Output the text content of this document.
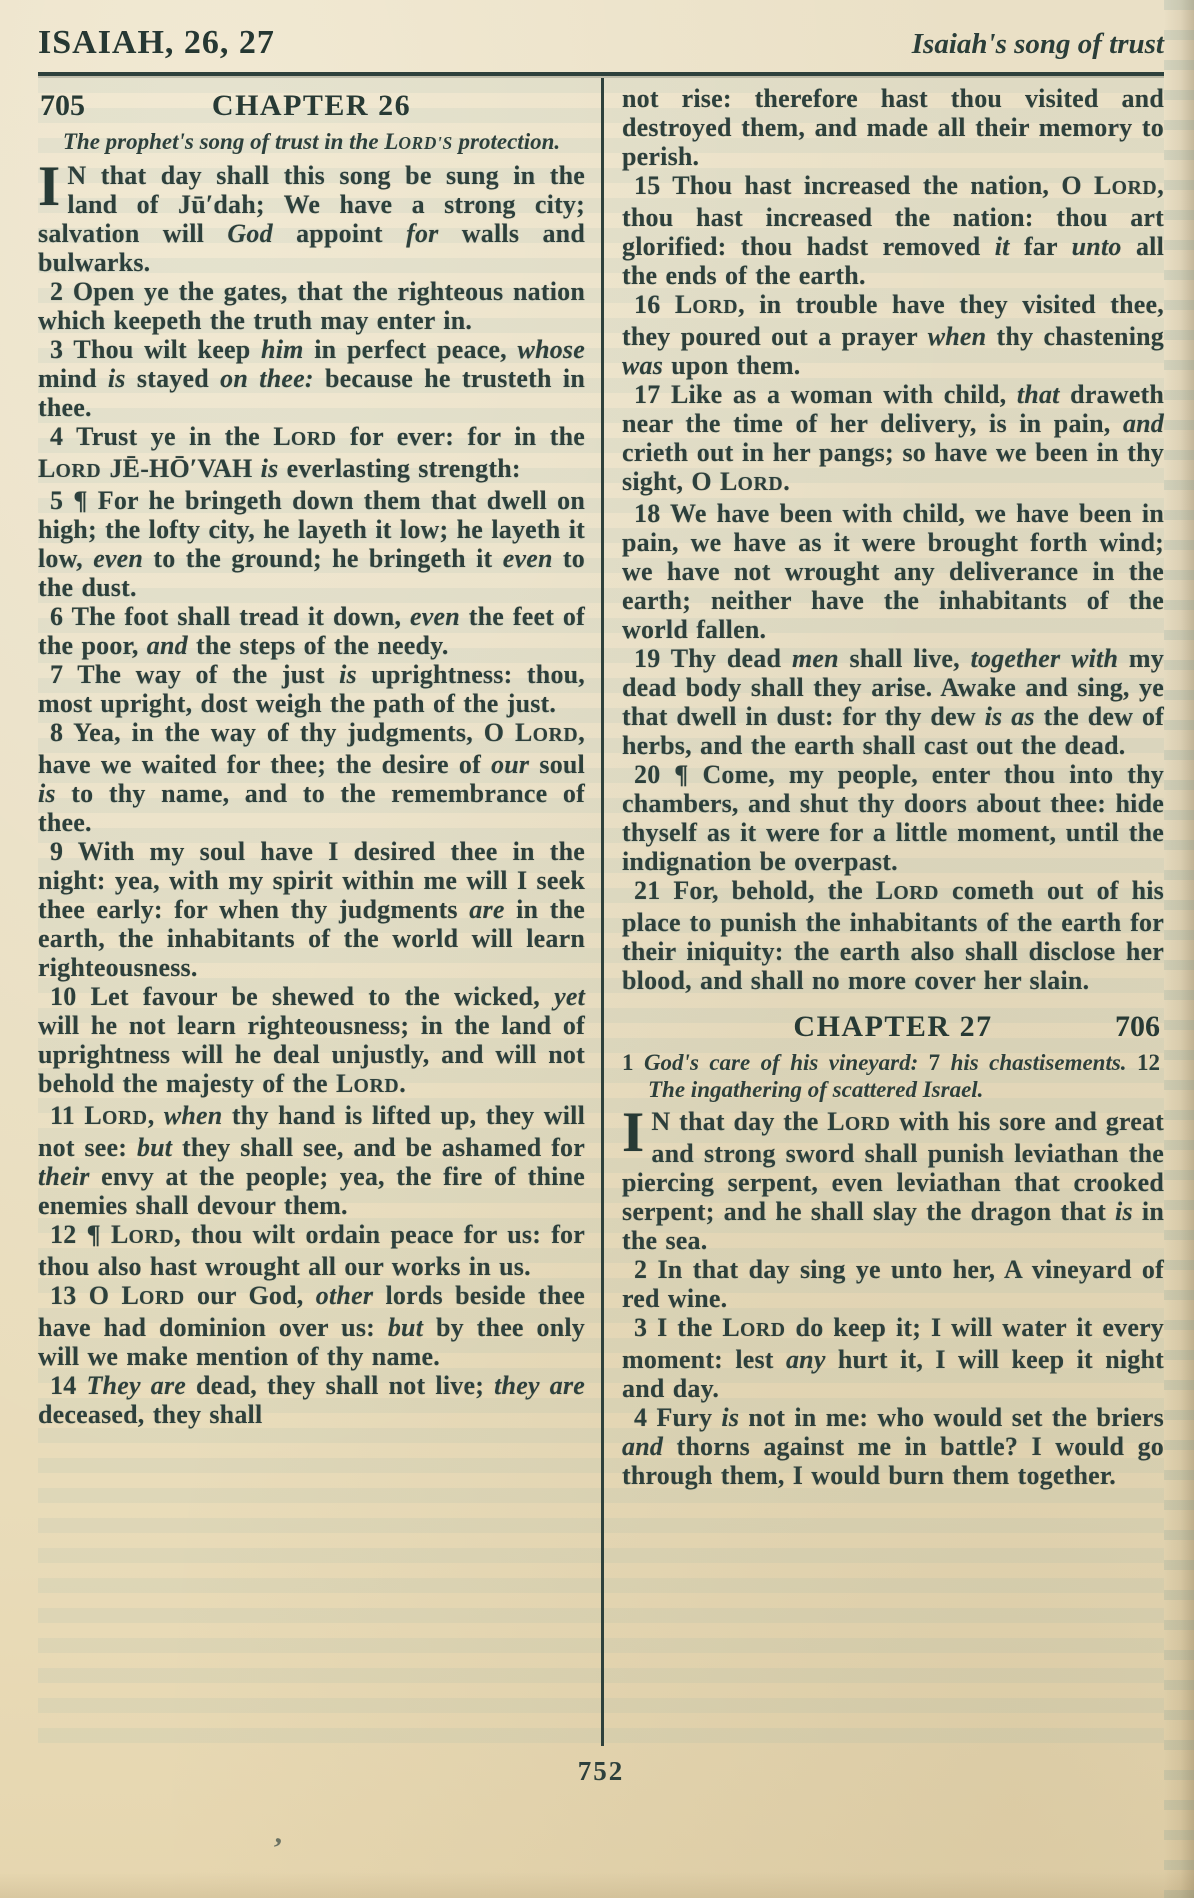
ISAIAH, 26, 27	Isaiah's song of trust
705	CHAPTER 26

The prophet's song of trust in the LORD'S protection.

I N that day shall this song be sung in the land of Jū′dah; We have a strong city; salvation will God appoint for walls and bulwarks.

2 Open ye the gates, that the righteous nation which keepeth the truth may enter in.

3 Thou wilt keep him in perfect peace, whose mind is stayed on thee: because he trusteth in thee.

4 Trust ye in the LORD for ever: for in the LORD JĒ-HŌ′VAH is everlasting strength:

5 ¶ For he bringeth down them that dwell on high; the lofty city, he layeth it low; he layeth it low, even to the ground; he bringeth it even to the dust.

6 The foot shall tread it down, even the feet of the poor, and the steps of the needy.

7 The way of the just is uprightness: thou, most upright, dost weigh the path of the just.

8 Yea, in the way of thy judgments, O LORD, have we waited for thee; the desire of our soul is to thy name, and to the remembrance of thee.

9 With my soul have I desired thee in the night: yea, with my spirit within me will I seek thee early: for when thy judgments are in the earth, the inhabitants of the world will learn righteousness.

10 Let favour be shewed to the wicked, yet will he not learn righteousness; in the land of uprightness will he deal unjustly, and will not behold the majesty of the LORD.

11 LORD, when thy hand is lifted up, they will not see: but they shall see, and be ashamed for their envy at the people; yea, the fire of thine enemies shall devour them.

12 ¶ LORD, thou wilt ordain peace for us: for thou also hast wrought all our works in us.

13 O LORD our God, other lords beside thee have had dominion over us: but by thee only will we make mention of thy name.

14 They are dead, they shall not live; they are deceased, they shall

not rise: therefore hast thou visited and destroyed them, and made all their memory to perish.

15 Thou hast increased the nation, O LORD, thou hast increased the nation: thou art glorified: thou hadst removed it far unto all the ends of the earth.

16 LORD, in trouble have they visited thee, they poured out a prayer when thy chastening was upon them.

17 Like as a woman with child, that draweth near the time of her delivery, is in pain, and crieth out in her pangs; so have we been in thy sight, O LORD.

18 We have been with child, we have been in pain, we have as it were brought forth wind; we have not wrought any deliverance in the earth; neither have the inhabitants of the world fallen.

19 Thy dead men shall live, together with my dead body shall they arise. Awake and sing, ye that dwell in dust: for thy dew is as the dew of herbs, and the earth shall cast out the dead.

20 ¶ Come, my people, enter thou into thy chambers, and shut thy doors about thee: hide thyself as it were for a little moment, until the indignation be overpast.

21 For, behold, the LORD cometh out of his place to punish the inhabitants of the earth for their iniquity: the earth also shall disclose her blood, and shall no more cover her slain.

CHAPTER 27	706

1 God's care of his vineyard: 7 his chastisements. 12 The ingathering of scattered Israel.

I N that day the LORD with his sore and great and strong sword shall punish leviathan the piercing serpent, even leviathan that crooked serpent; and he shall slay the dragon that is in the sea.

2 In that day sing ye unto her, A vineyard of red wine.

3 I the LORD do keep it; I will water it every moment: lest any hurt it, I will keep it night and day.

4 Fury is not in me: who would set the briers and thorns against me in battle? I would go through them, I would burn them together.

752
’
